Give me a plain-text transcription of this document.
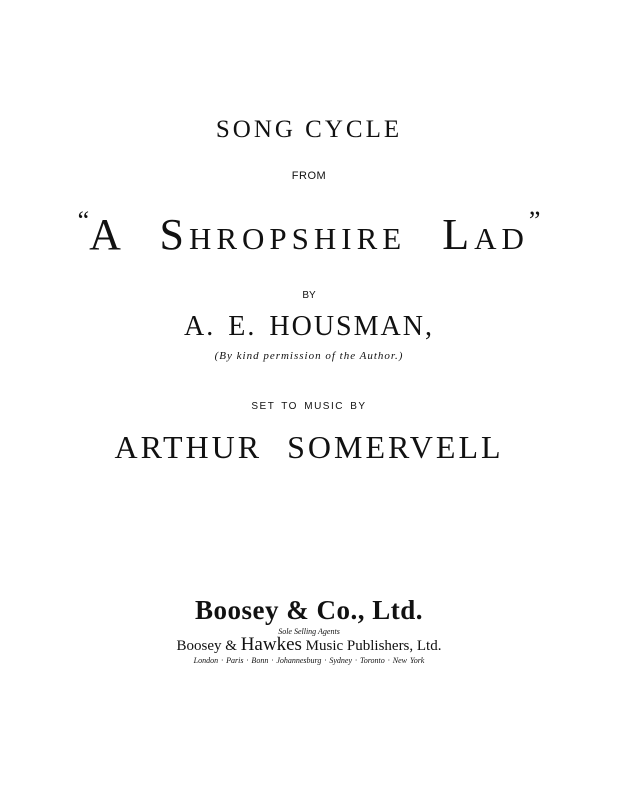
SONG CYCLE
FROM
“A Shropshire Lad”
BY
A. E. HOUSMAN,
(By kind permission of the Author.)
SET TO MUSIC BY
ARTHUR SOMERVELL
Boosey & Co., Ltd.
Sole Selling Agents
Boosey & Hawkes Music Publishers, Ltd.
London · Paris · Bonn · Johannesburg · Sydney · Toronto · New York
